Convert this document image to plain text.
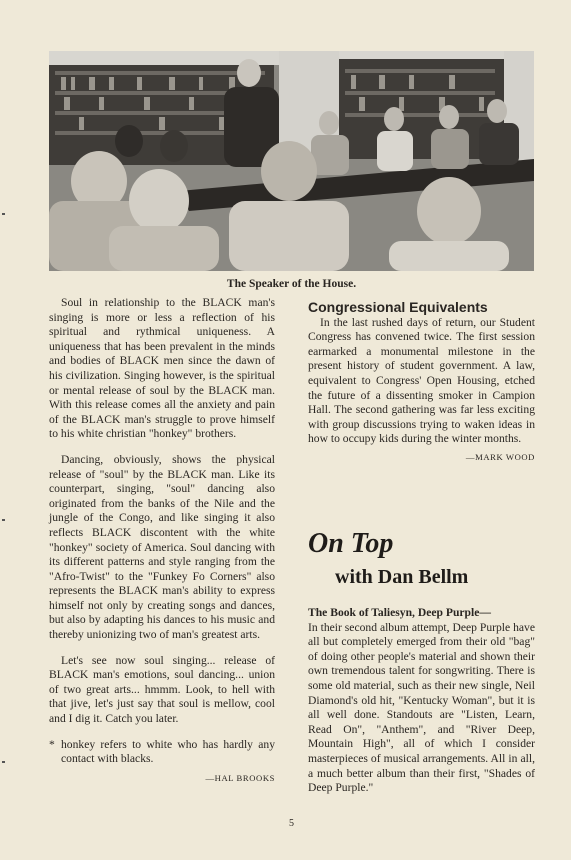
The Speaker of the House.

Soul in relationship to the BLACK man's singing is more or less a reflection of his spiritual and rythmical uniqueness. A uniqueness that has been prevalent in the minds and bodies of BLACK men since the dawn of his civilization. Singing however, is the spiritual or mental release of soul by the BLACK man. With this release comes all the anxiety and pain of the BLACK man's struggle to prove himself to his white christian "honkey" brothers.

Dancing, obviously, shows the physical release of "soul" by the BLACK man. Like its counterpart, singing, "soul" dancing also originated from the banks of the Nile and the jungle of the Congo, and like singing it also reflects BLACK discontent with the white "honkey" society of America. Soul dancing with its different patterns and style ranging from the "Afro-Twist" to the "Funkey Fo Corners" also represents the BLACK man's ability to express himself not only by creating songs and dances, but also by adapting his dances to his music and thereby unionizing two of man's greatest arts.

Let's see now soul singing... release of BLACK man's emotions, soul dancing... union of two great arts... hmmm. Look, to hell with that jive, let's just say that soul is mellow, cool and I dig it. Catch you later.

* honkey refers to white who has hardly any contact with blacks.

—HAL BROOKS
Congressional Equivalents

In the last rushed days of return, our Student Congress has convened twice. The first session earmarked a monumental milestone in the present history of student government. A law, equivalent to Congress' Open Housing, etched the future of a dissenting smoker in Campion Hall. The second gathering was far less exciting with group discussions trying to waken ideas in how to occupy kids during the winter months.

—MARK WOOD
On Top
with Dan Bellm
The Book of Taliesyn, Deep Purple—
In their second album attempt, Deep Purple have all but completely emerged from their old "bag" of doing other people's material and shown their own tremendous talent for songwriting. There is some old material, such as their new single, Neil Diamond's old hit, "Kentucky Woman", but it is all well done. Standouts are "Listen, Learn, Read On", "Anthem", and "River Deep, Mountain High", all of which I consider masterpieces of musical arrangements. All in all, a much better album than their first, "Shades of Deep Purple."
5
